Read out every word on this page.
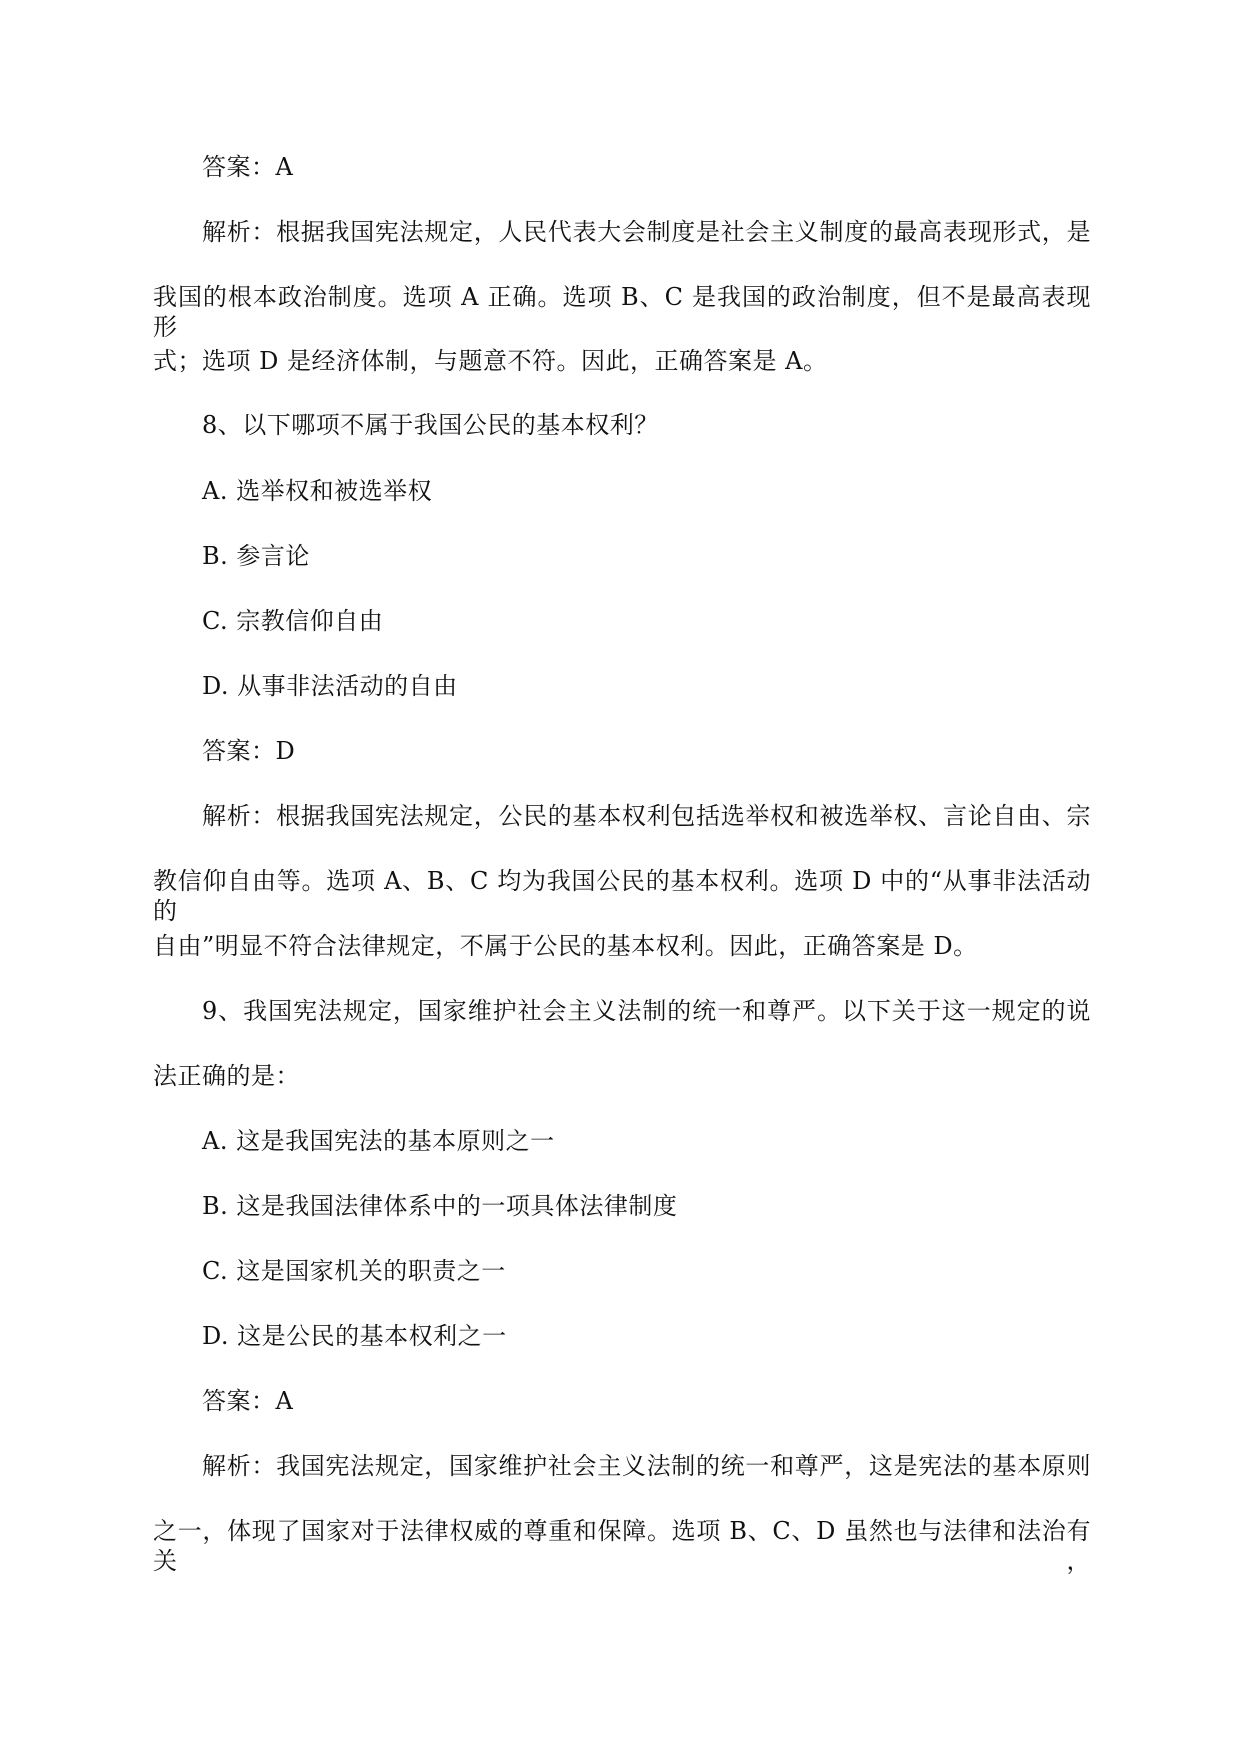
答案：A
解析：根据我国宪法规定，人民代表大会制度是社会主义制度的最高表现形式，是
我国的根本政治制度。选项 A 正确。选项 B、C 是我国的政治制度，但不是最高表现形
式；选项 D 是经济体制，与题意不符。因此，正确答案是 A。
8、以下哪项不属于我国公民的基本权利？
A. 选举权和被选举权
B. 参言论
C. 宗教信仰自由
D. 从事非法活动的自由
答案：D
解析：根据我国宪法规定，公民的基本权利包括选举权和被选举权、言论自由、宗
教信仰自由等。选项 A、B、C 均为我国公民的基本权利。选项 D 中的“从事非法活动的
自由”明显不符合法律规定，不属于公民的基本权利。因此，正确答案是 D。
9、我国宪法规定，国家维护社会主义法制的统一和尊严。以下关于这一规定的说
法正确的是：
A. 这是我国宪法的基本原则之一
B. 这是我国法律体系中的一项具体法律制度
C. 这是国家机关的职责之一
D. 这是公民的基本权利之一
答案：A
解析：我国宪法规定，国家维护社会主义法制的统一和尊严，这是宪法的基本原则
之一，体现了国家对于法律权威的尊重和保障。选项 B、C、D 虽然也与法律和法治有关，
